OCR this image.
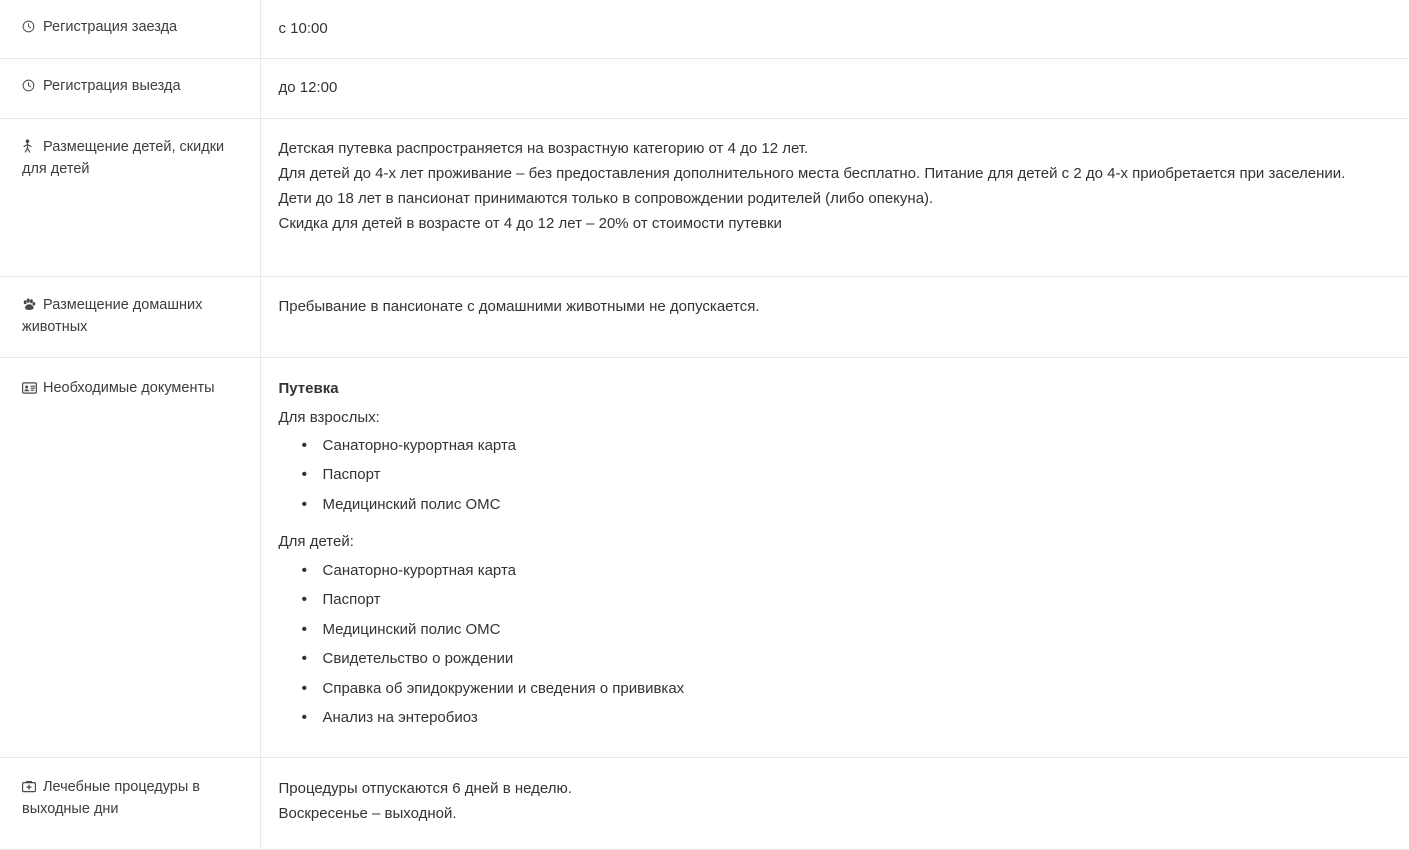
Регистрация заезда	с 10:00

Регистрация выезда	до 12:00

Размещение детей, скидки для детей	Детская путевка распространяется на возрастную категорию от 4 до 12 лет.
Для детей до 4-х лет проживание – без предоставления дополнительного места бесплатно. Питание для детей с 2 до 4-х приобретается при заселении.
Дети до 18 лет в пансионат принимаются только в сопровождении родителей (либо опекуна).
Скидка для детей в возрасте от 4 до 12 лет – 20% от стоимости путевки

Размещение домашних животных	Пребывание в пансионате с домашними животными не допускается.

Необходимые документы	Путевка
Для взрослых:
• Санаторно-курортная карта
• Паспорт
• Медицинский полис ОМС
Для детей:
• Санаторно-курортная карта
• Паспорт
• Медицинский полис ОМС
• Свидетельство о рождении
• Справка об эпидокружении и сведения о прививках
• Анализ на энтеробиоз

Лечебные процедуры в выходные дни	Процедуры отпускаются 6 дней в неделю.
Воскресенье – выходной.
